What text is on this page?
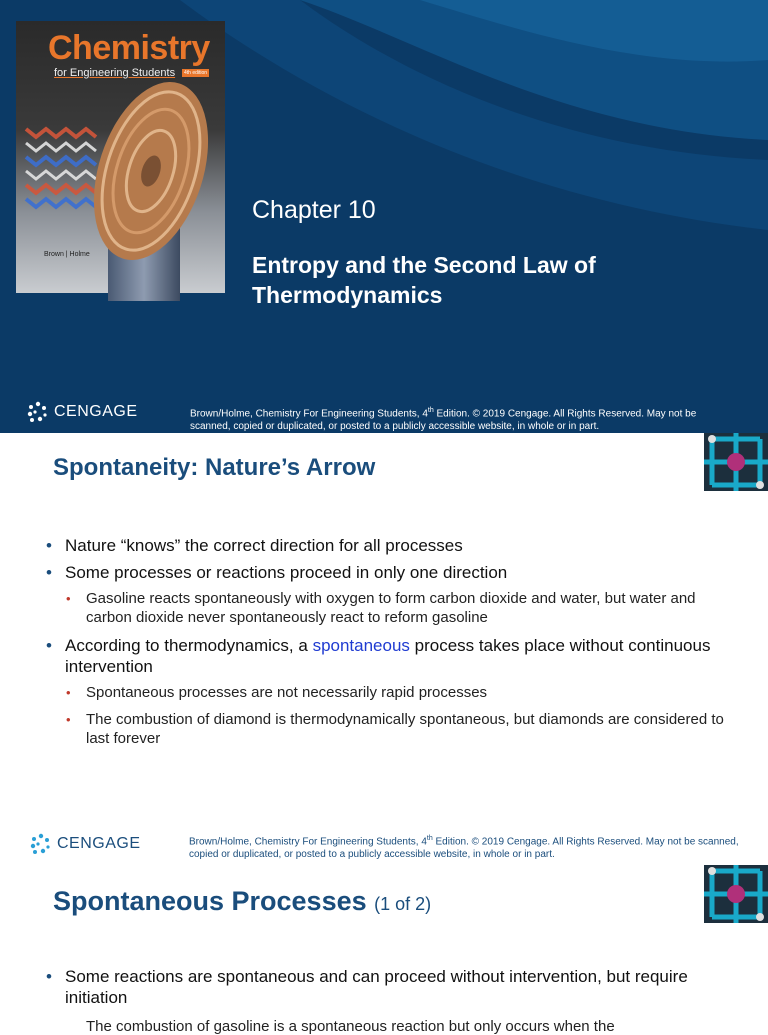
Chemistry
for Engineering Students	4th edition
Brown | Holme
Chapter 10
Entropy and the Second Law of
Thermodynamics
CENGAGE	Brown/Holme, Chemistry For Engineering Students, 4th Edition. © 2019 Cengage. All Rights Reserved. May not be scanned, copied or duplicated, or posted to a publicly accessible website, in whole or in part.
Spontaneity: Nature’s Arrow
• Nature “knows” the correct direction for all processes
• Some processes or reactions proceed in only one direction
• Gasoline reacts spontaneously with oxygen to form carbon dioxide and water, but water and carbon dioxide never spontaneously react to reform gasoline
• According to thermodynamics, a spontaneous process takes place without continuous intervention
• Spontaneous processes are not necessarily rapid processes
• The combustion of diamond is thermodynamically spontaneous, but diamonds are considered to last forever
CENGAGE	Brown/Holme, Chemistry For Engineering Students, 4th Edition. © 2019 Cengage. All Rights Reserved. May not be scanned, copied or duplicated, or posted to a publicly accessible website, in whole or in part.
Spontaneous Processes (1 of 2)
• Some reactions are spontaneous and can proceed without intervention, but require initiation
The combustion of gasoline is a spontaneous reaction but only occurs when the
